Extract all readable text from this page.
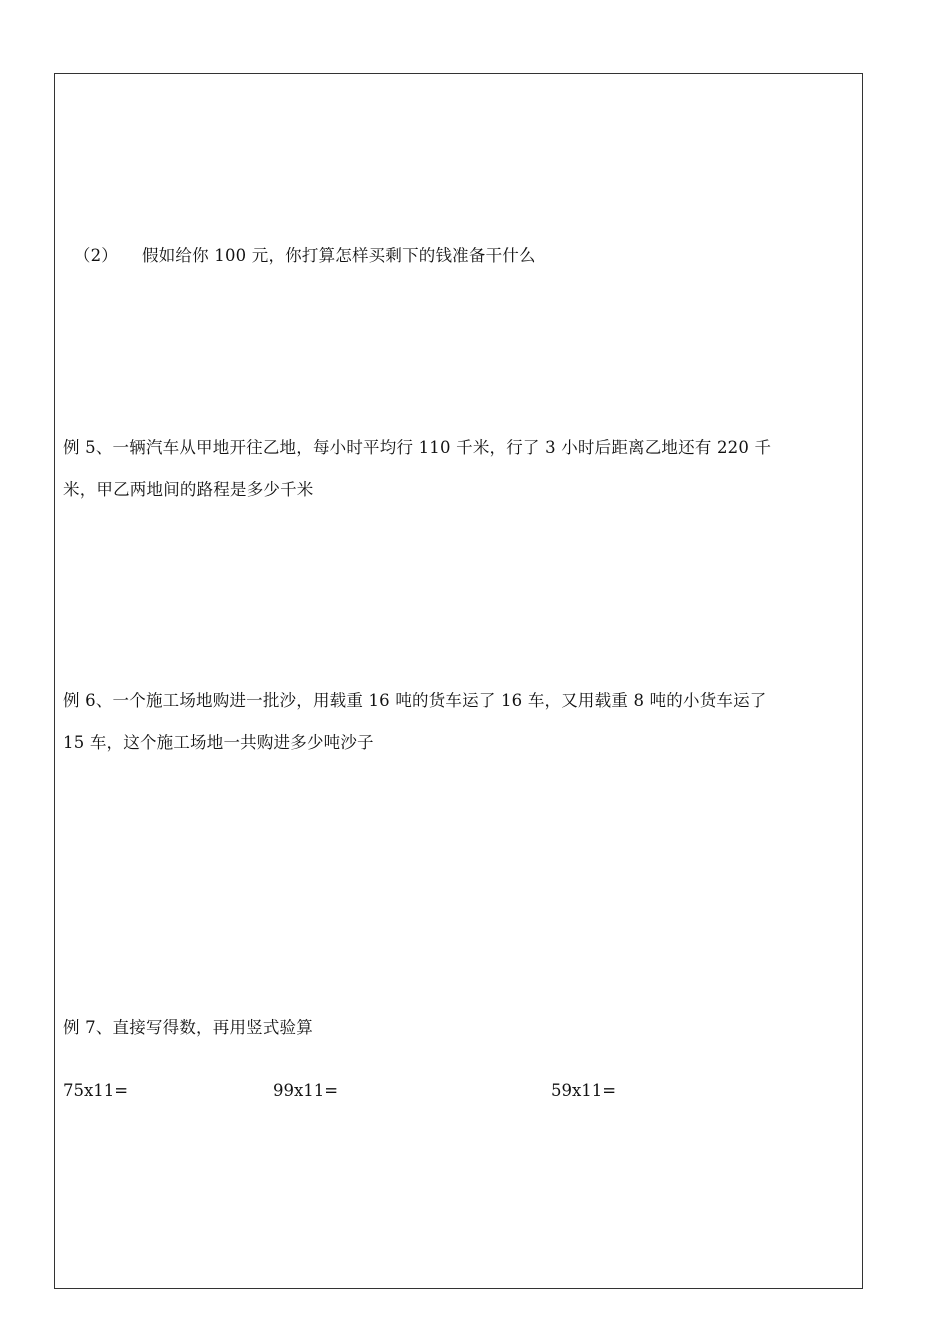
（2） 假如给你 100 元，你打算怎样买剩下的钱准备干什么

例 5、一辆汽车从甲地开往乙地，每小时平均行 110 千米，行了 3 小时后距离乙地还有 220 千
米，甲乙两地间的路程是多少千米
例 6、一个施工场地购进一批沙，用载重 16 吨的货车运了 16 车，又用载重 8 吨的小货车运了
15 车，这个施工场地一共购进多少吨沙子
例 7、直接写得数，再用竖式验算
75x11=	99x11=	59x11=
